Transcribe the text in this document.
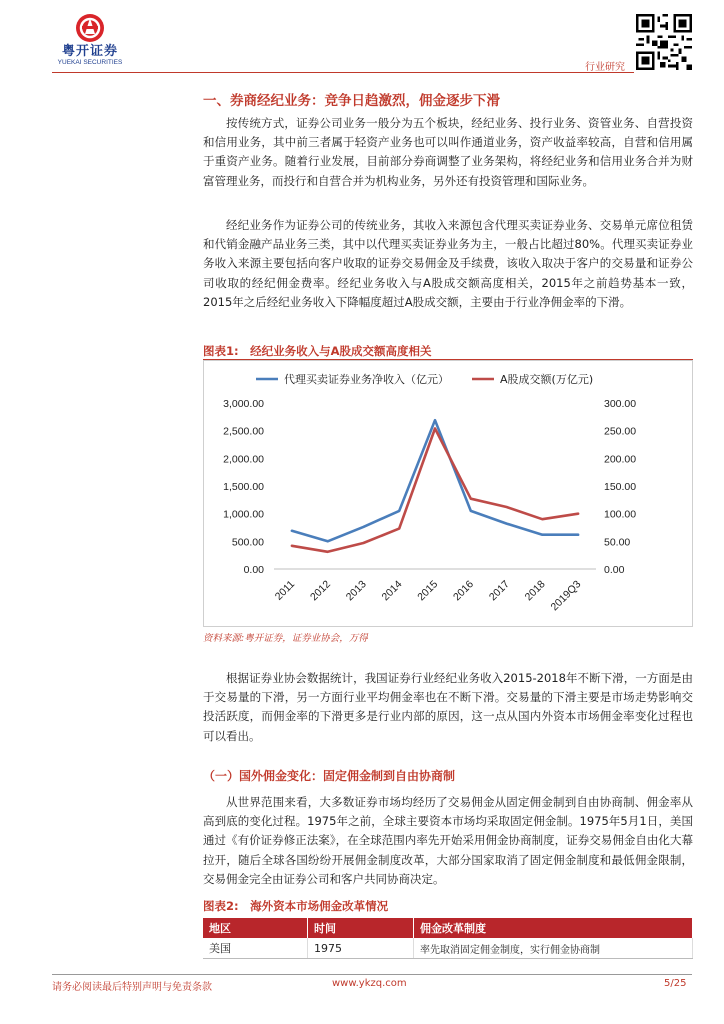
粤开证券
YUEKAI SECURITIES	行业研究
一、券商经纪业务：竞争日趋激烈，佣金逐步下滑

按传统方式，证券公司业务一般分为五个板块，经纪业务、投行业务、资管业务、自营投资和信用业务，其中前三者属于轻资产业务也可以叫作通道业务，资产收益率较高，自营和信用属于重资产业务。随着行业发展，目前部分券商调整了业务架构，将经纪业务和信用业务合并为财富管理业务，而投行和自营合并为机构业务，另外还有投资管理和国际业务。

经纪业务作为证券公司的传统业务，其收入来源包含代理买卖证券业务、交易单元席位租赁和代销金融产品业务三类，其中以代理买卖证券业务为主，一般占比超过80%。代理买卖证券业务收入来源主要包括向客户收取的证券交易佣金及手续费，该收入取决于客户的交易量和证券公司收取的经纪佣金费率。经纪业务收入与A股成交额高度相关，2015年之前趋势基本一致，2015年之后经纪业务收入下降幅度超过A股成交额，主要由于行业净佣金率的下滑。

图表1:　经纪业务收入与A股成交额高度相关
0.00
500.00
1,000.00
1,500.00
2,000.00
2,500.00
3,000.00
0.00
50.00
100.00
150.00
200.00
250.00
300.00
2011 2012 2013 2014 2015 2016 2017 2018 2019Q3
代理买卖证券业务净收入（亿元）	A股成交额(万亿元)
资料来源:粤开证券，证券业协会，万得

根据证券业协会数据统计，我国证券行业经纪业务收入2015-2018年不断下滑，一方面是由于交易量的下滑，另一方面行业平均佣金率也在不断下滑。交易量的下滑主要是市场走势影响交投活跃度，而佣金率的下滑更多是行业内部的原因，这一点从国内外资本市场佣金率变化过程也可以看出。

（一）国外佣金变化：固定佣金制到自由协商制

从世界范围来看，大多数证券市场均经历了交易佣金从固定佣金制到自由协商制、佣金率从高到底的变化过程。1975年之前，全球主要资本市场均采取固定佣金制。1975年5月1日，美国通过《有价证券修正法案》，在全球范围内率先开始采用佣金协商制度，证券交易佣金自由化大幕拉开，随后全球各国纷纷开展佣金制度改革，大部分国家取消了固定佣金制度和最低佣金限制，交易佣金完全由证券公司和客户共同协商决定。

图表2:　海外资本市场佣金改革情况
地区	时间	佣金改革制度
美国	1975	率先取消固定佣金制度，实行佣金协商制
请务必阅读最后特别声明与免责条款	www.ykzq.com	5/25
